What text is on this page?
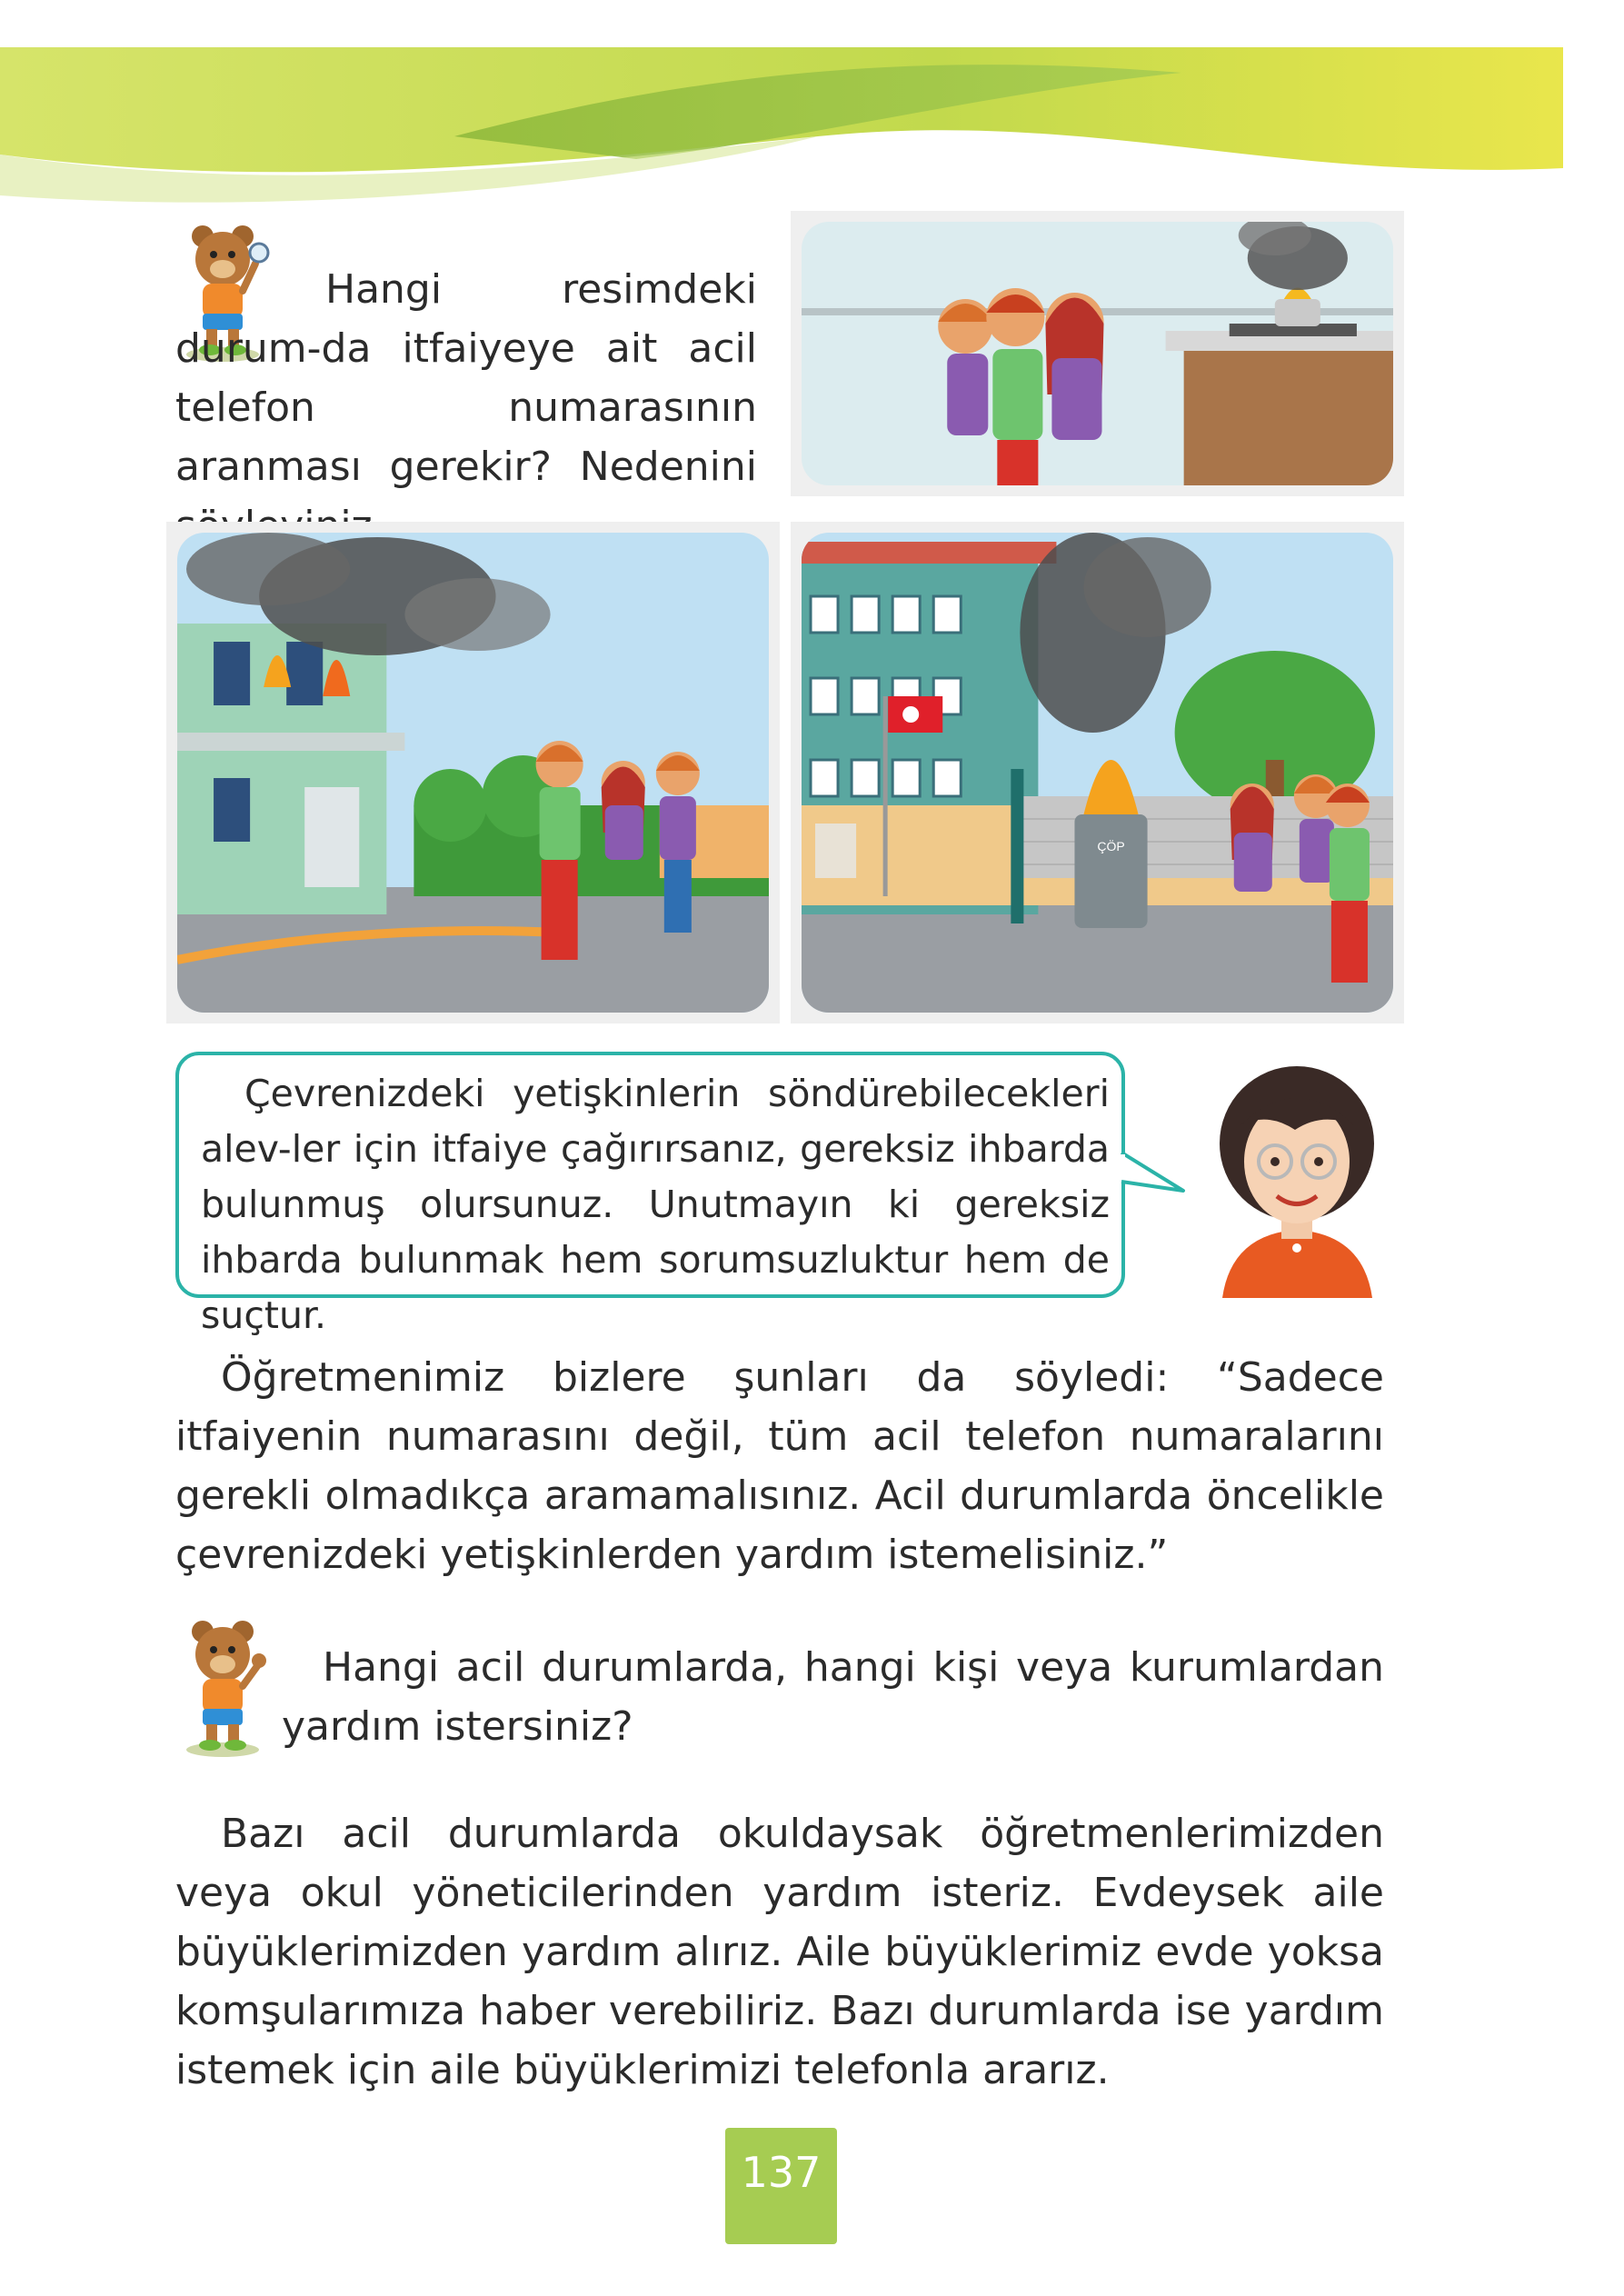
Hangi resimdeki durum-da itfaiyeye ait acil telefon numarasının aranması gerekir? Nedenini

ÇÖP

Çevrenizdeki yetişkinlerin söndürebilecekleri alev-ler için itfaiye çağırırsanız, gereksiz ihbarda bulunmuş olursunuz. Unutmayın ki gereksiz ihbarda bulunmak hem sorumsuzluktur hem de suçtur.

Öğretmenimiz bizlere şunları da söyledi: “Sadece itfaiyenin numarasını değil, tüm acil telefon numaralarını gerekli olmadıkça aramamalısınız. Acil durumlarda öncelikle çevrenizdeki yetişkinlerden yardım istemelisiniz.”

Hangi acil durumlarda, hangi kişi veya kurumlardan yardım istersiniz?

Bazı acil durumlarda okuldaysak öğretmenlerimizden veya okul yöneticilerinden yardım isteriz. Evdeysek aile büyüklerimizden yardım alırız. Aile büyüklerimiz evde yoksa komşularımıza haber verebiliriz. Bazı durumlarda ise yardım istemek için aile büyüklerimizi telefonla ararız.

137
